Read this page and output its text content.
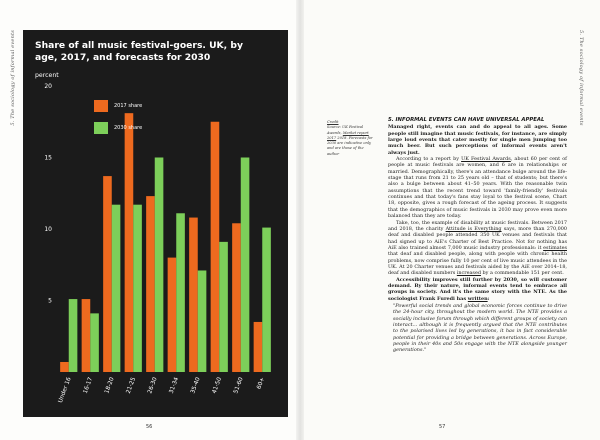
5. The sociology of informal events	5. The sociology of informal events
Share of all music festival-goers. UK, by age, 2017, and forecasts for 2030
percent
5
10
15
20
Under 16 16-17 18-20 21-25 26-30 31-34 35-40 41-50 51-60 60+
2017 share
2030 share
56	57
Credit
Source: UK Festival Awards, Market report 2017 2018. Forecasts for 2030 are indicative only and are those of the author

5. INFORMAL EVENTS CAN HAVE UNIVERSAL APPEAL

Managed right, events can and do appeal to all ages. Some people still imagine that music festivals, for instance, are simply large loud events that cater mostly for single men jumping too much beer. But such perceptions of informal events aren't always just.

According to a report by UK Festival Awards, about 60 per cent of people at music festivals are women, and 6 are in relationships or married. Demographically, there's an attendance bulge around the life-stage that runs from 21 to 25 years old – that of students; but there's also a bulge between about 41–50 years. With the reasonable twin assumptions that the recent trend toward 'family-friendly' festivals continues and that today's fans stay loyal to the festival scene, Chart 18, opposite, gives a rough forecast of the ageing process. It suggests that the demographics of music festivals in 2030 may prove even more balanced than they are today.

Take, too, the example of disability at music festivals. Between 2017 and 2018, the charity Attitude is Everything says, more than 270,000 deaf and disabled people attended 350 UK venues and festivals that had signed up to AiE's Charter of Best Practice. Not for nothing has AiE also trained almost 7,000 music industry professionals: it estimates that deaf and disabled people, along with people with chronic health problems, now comprise fully 10 per cent of live music attendees in the UK. At 20 Charter venues and festivals aided by the AiE over 2014–18, deaf and disabled numbers increased by a commendable 151 per cent.

Accessibility improves still further by 2030, so will customer demand. By their nature, informal events tend to embrace all groups in society. And it's the same story with the NTE. As the sociologist Frank Furedi has written:

"Powerful social trends and global economic forces continue to drive the 24-hour city, throughout the modern world. The NTE provides a socially inclusive forum through which different groups of society can interact... although it is frequently argued that the NTE contributes to the polarised lives led by generations, it has in fact considerable potential for providing a bridge between generations. Across Europe, people in their 40s and 50s engage with the NTE alongside younger generations."
